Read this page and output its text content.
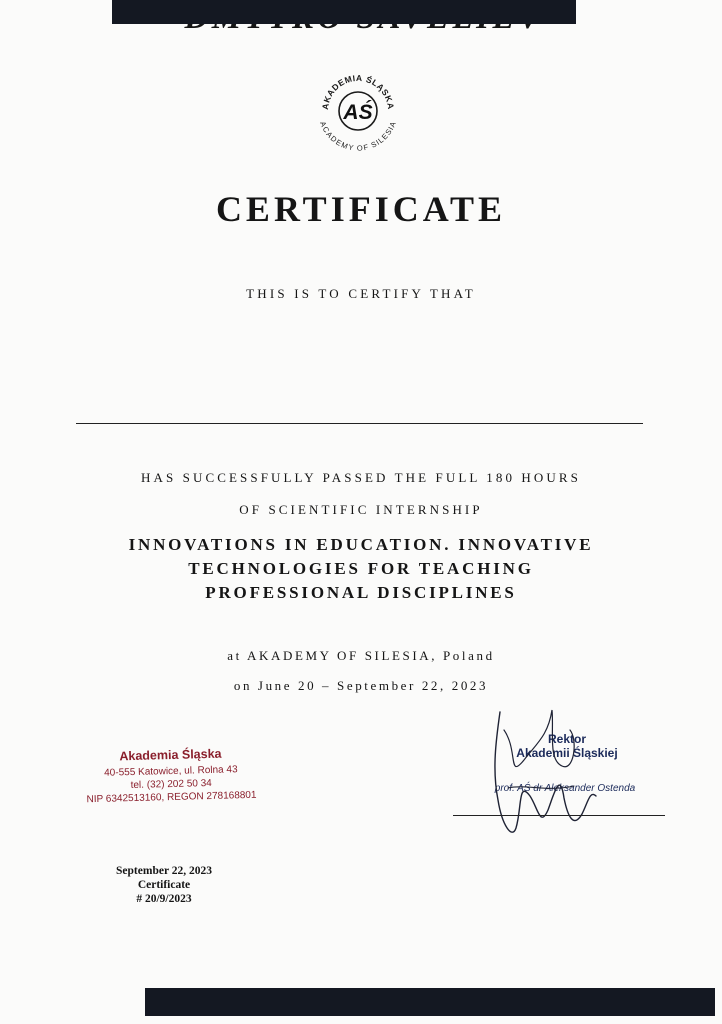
AKADEMIA ŚLĄSKA
ACADEMY OF SILESIA
AŚ
CERTIFICATE
THIS IS TO CERTIFY THAT
HAS SUCCESSFULLY PASSED THE FULL 180 HOURS
OF SCIENTIFIC INTERNSHIP
INNOVATIONS IN EDUCATION. INNOVATIVE
TECHNOLOGIES FOR TEACHING
PROFESSIONAL DISCIPLINES
at AKADEMY OF SILESIA, Poland
on June 20 – September 22, 2023
Akademia Śląska
40-555 Katowice, ul. Rolna 43
tel. (32) 202 50 34
NIP 6342513160, REGON 278168801
Rektor
Akademii Śląskiej
prof. AŚ dr Aleksander Ostenda
September 22, 2023
Certificate
# 20/9/2023
